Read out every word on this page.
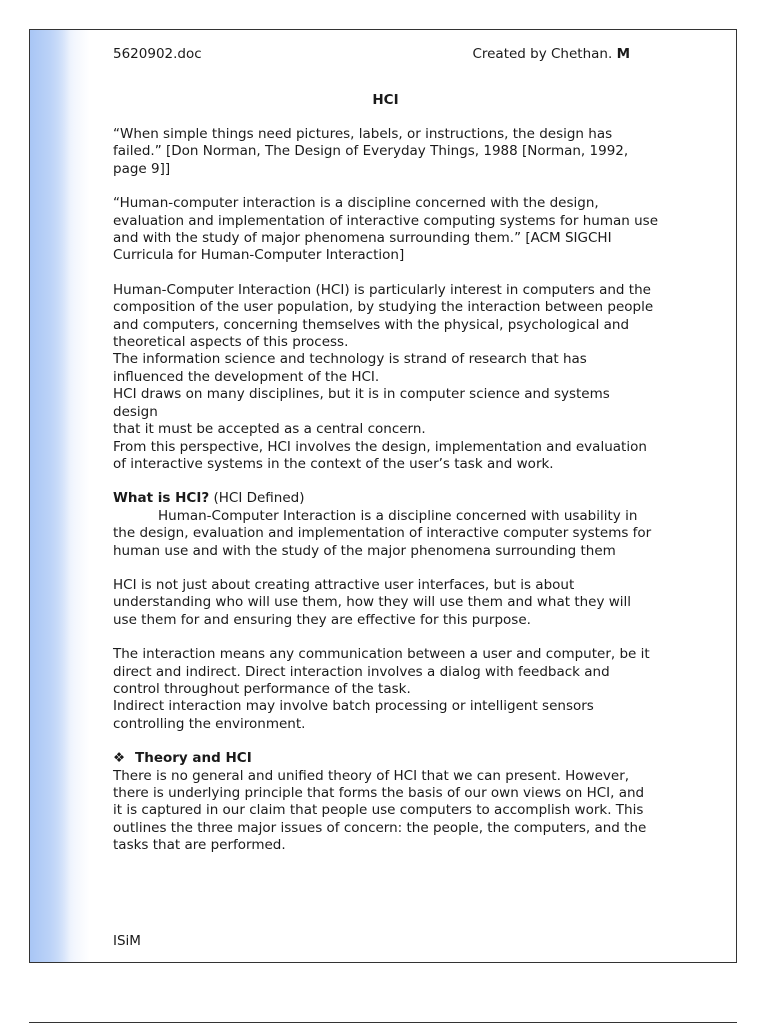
5620902.doc	Created by Chethan. M
HCI

“When simple things need pictures, labels, or instructions, the design has
failed.” [Don Norman, The Design of Everyday Things, 1988 [Norman, 1992,
page 9]]

“Human-computer interaction is a discipline concerned with the design,
evaluation and implementation of interactive computing systems for human use
and with the study of major phenomena surrounding them.” [ACM SIGCHI
Curricula for Human-Computer Interaction]

Human-Computer Interaction (HCI) is particularly interest in computers and the
composition of the user population, by studying the interaction between people
and computers, concerning themselves with the physical, psychological and
theoretical aspects of this process.
The information science and technology is strand of research that has
influenced the development of the HCI.
HCI draws on many disciplines, but it is in computer science and systems design
that it must be accepted as a central concern.
From this perspective, HCI involves the design, implementation and evaluation
of interactive systems in the context of the user’s task and work.

What is HCI? (HCI Defined)
Human-Computer Interaction is a discipline concerned with usability in
the design, evaluation and implementation of interactive computer systems for
human use and with the study of the major phenomena surrounding them

HCI is not just about creating attractive user interfaces, but is about
understanding who will use them, how they will use them and what they will
use them for and ensuring they are effective for this purpose.

The interaction means any communication between a user and computer, be it
direct and indirect. Direct interaction involves a dialog with feedback and
control throughout performance of the task.
Indirect interaction may involve batch processing or intelligent sensors
controlling the environment.

❖ Theory and HCI
There is no general and unified theory of HCI that we can present. However,
there is underlying principle that forms the basis of our own views on HCI, and
it is captured in our claim that people use computers to accomplish work. This
outlines the three major issues of concern: the people, the computers, and the
tasks that are performed.

ISiM
